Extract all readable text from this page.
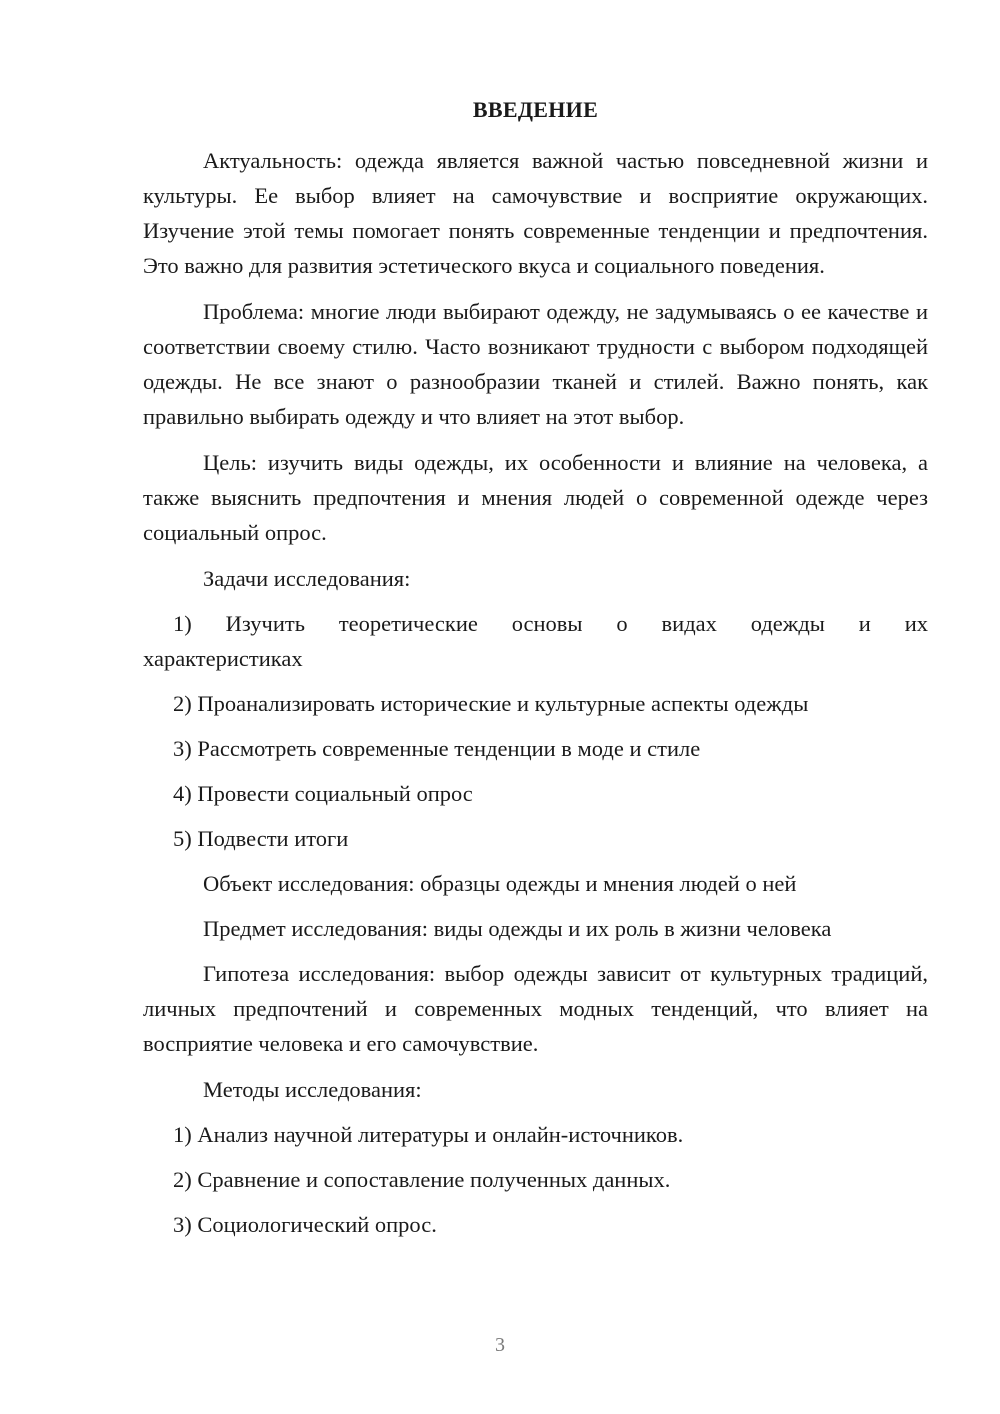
ВВЕДЕНИЕ

Актуальность: одежда является важной частью повседневной жизни и культуры. Ее выбор влияет на самочувствие и восприятие окружающих. Изучение этой темы помогает понять современные тенденции и предпочтения. Это важно для развития эстетического вкуса и социального поведения.

Проблема: многие люди выбирают одежду, не задумываясь о ее качестве и соответствии своему стилю. Часто возникают трудности с выбором подходящей одежды. Не все знают о разнообразии тканей и стилей. Важно понять, как правильно выбирать одежду и что влияет на этот выбор.

Цель: изучить виды одежды, их особенности и влияние на человека, а также выяснить предпочтения и мнения людей о современной одежде через социальный опрос.

Задачи исследования:
1) Изучить теоретические основы о видах одежды и их
характеристиках
2) Проанализировать исторические и культурные аспекты одежды
3) Рассмотреть современные тенденции в моде и стиле
4) Провести социальный опрос
5) Подвести итоги
Объект исследования: образцы одежды и мнения людей о ней
Предмет исследования: виды одежды и их роль в жизни человека

Гипотеза исследования: выбор одежды зависит от культурных традиций, личных предпочтений и современных модных тенденций, что влияет на восприятие человека и его самочувствие.

Методы исследования:
1) Анализ научной литературы и онлайн-источников.
2) Сравнение и сопоставление полученных данных.
3) Социологический опрос.
3
